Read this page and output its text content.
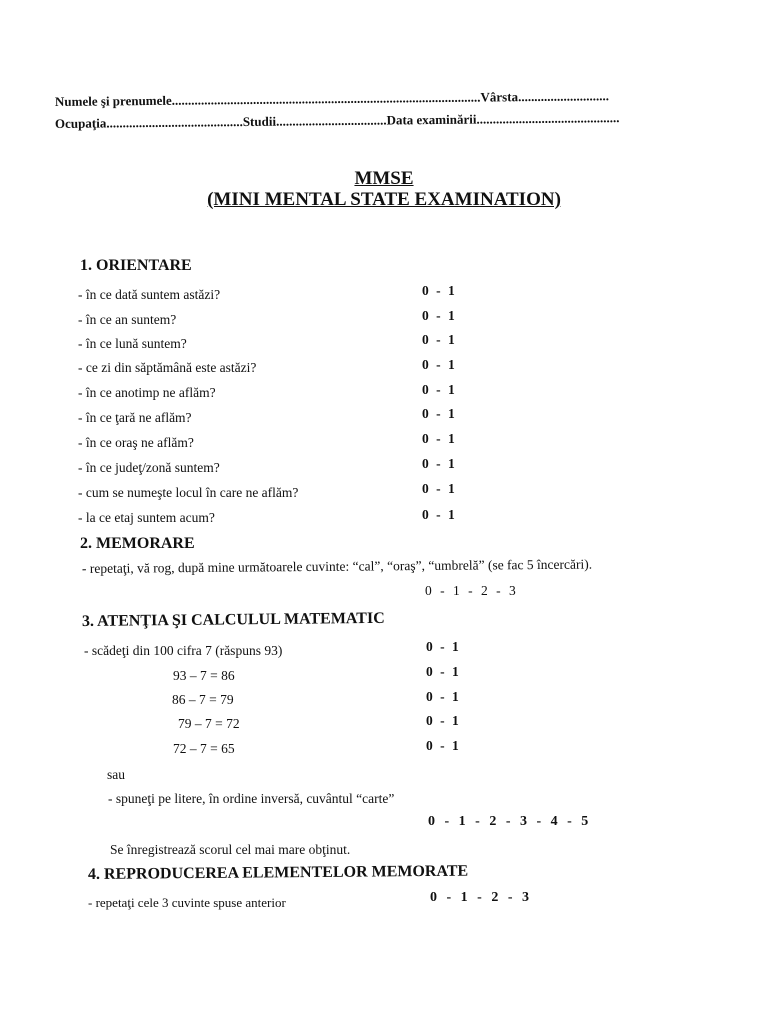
Numele şi prenumele...............................................................................................Vârsta............................
Ocupaţia..........................................Studii..................................Data examinării............................................
MMSE
(MINI MENTAL STATE EXAMINATION)
1. ORIENTARE
- în ce dată suntem astăzi?	0 - 1
- în ce an suntem?	0 - 1
- în ce lună suntem?	0 - 1
- ce zi din săptămână este astăzi?	0 - 1
- în ce anotimp ne aflăm?	0 - 1
- în ce ţară ne aflăm?	0 - 1
- în ce oraş ne aflăm?	0 - 1
- în ce judeţ/zonă suntem?	0 - 1
- cum se numeşte locul în care ne aflăm?	0 - 1
- la ce etaj suntem acum?	0 - 1
2. MEMORARE
- repetaţi, vă rog, după mine următoarele cuvinte: “cal”, “oraş”, “umbrelă” (se fac 5 încercări).
0 - 1 - 2 - 3
3. ATENŢIA ŞI CALCULUL MATEMATIC
- scădeţi din 100 cifra 7 (răspuns 93)	0 - 1
93 – 7 = 86	0 - 1
86 – 7 = 79	0 - 1
79 – 7 = 72	0 - 1
72 – 7 = 65	0 - 1
sau
- spuneţi pe litere, în ordine inversă, cuvântul “carte”
0 - 1 - 2 - 3 - 4 - 5
Se înregistrează scorul cel mai mare obţinut.
4. REPRODUCEREA ELEMENTELOR MEMORATE
- repetaţi cele 3 cuvinte spuse anterior	0 - 1 - 2 - 3
